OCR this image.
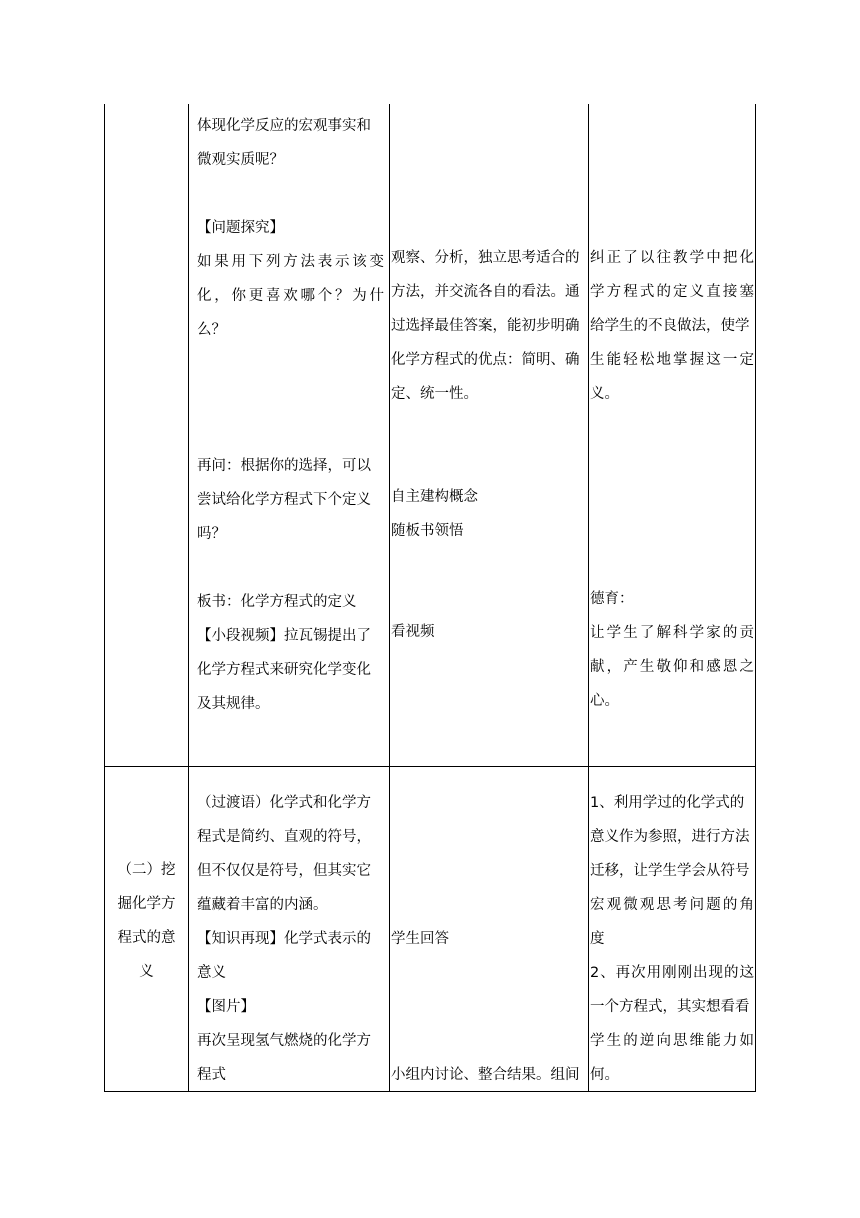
体现化学反应的宏观事实和

微观实质呢？

【问题探究】

如果用下列方法表示该变

化，你更喜欢哪个？为什

么？

再问：根据你的选择，可以

尝试给化学方程式下个定义

吗？

板书：化学方程式的定义

【小段视频】拉瓦锡提出了

化学方程式来研究化学变化

及其规律。

观察、分析，独立思考适合的

方法，并交流各自的看法。通

过选择最佳答案，能初步明确

化学方程式的优点：简明、确

定、统一性。

自主建构概念

随板书领悟

看视频

纠正了以往教学中把化

学方程式的定义直接塞

给学生的不良做法，使学

生能轻松地掌握这一定

义。

德育：

让学生了解科学家的贡

献，产生敬仰和感恩之

心。

（二）挖

掘化学方

程式的意

义

（过渡语）化学式和化学方

程式是简约、直观的符号，

但不仅仅是符号，但其实它

蕴藏着丰富的内涵。

【知识再现】化学式表示的

意义

【图片】

再次呈现氢气燃烧的化学方

程式

学生回答

小组内讨论、整合结果。组间

1、利用学过的化学式的

意义作为参照，进行方法

迁移，让学生学会从符号

宏观微观思考问题的角

度

2、再次用刚刚出现的这

一个方程式，其实想看看

学生的逆向思维能力如

何。
